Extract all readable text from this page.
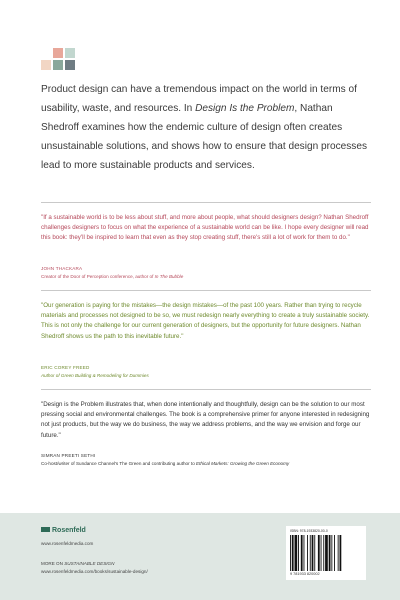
Product design can have a tremendous impact on the world in terms of usability, waste, and resources. In Design Is the Problem, Nathan Shedroff examines how the endemic culture of design often creates unsustainable solutions, and shows how to ensure that design processes lead to more sustainable products and services.

"If a sustainable world is to be less about stuff, and more about people, what should designers design? Nathan Shedroff challenges designers to focus on what the experience of a sustainable world can be like. I hope every designer will read this book: they'll be inspired to learn that even as they stop creating stuff, there's still a lot of work for them to do."

JOHN THACKARA
Creator of the Door of Perception conference, author of In The Bubble

"Our generation is paying for the mistakes—the design mistakes—of the past 100 years. Rather than trying to recycle materials and processes not designed to be so, we must redesign nearly everything to create a truly sustainable society. This is not only the challenge for our current generation of designers, but the opportunity for future designers. Nathan Shedroff shows us the path to this inevitable future."

ERIC COREY FREED
Author of Green Building & Remodeling for Dummies

"Design is the Problem illustrates that, when done intentionally and thoughtfully, design can be the solution to our most pressing social and environmental challenges. The book is a comprehensive primer for anyone interested in redesigning not just products, but the way we do business, the way we address problems, and the way we envision and forge our future."

SIMRAN PREETI SETHI
Co-host/writer of Sundance Channel's The Green and contributing author to Ethical Markets: Growing the Green Economy
Rosenfeld
www.rosenfeldmedia.com
MORE ON SUSTAINABLE DESIGN
www.rosenfeldmedia.com/books/sustainable-design/
ISBN: 978-1933820-00-0
9 781933 820002
